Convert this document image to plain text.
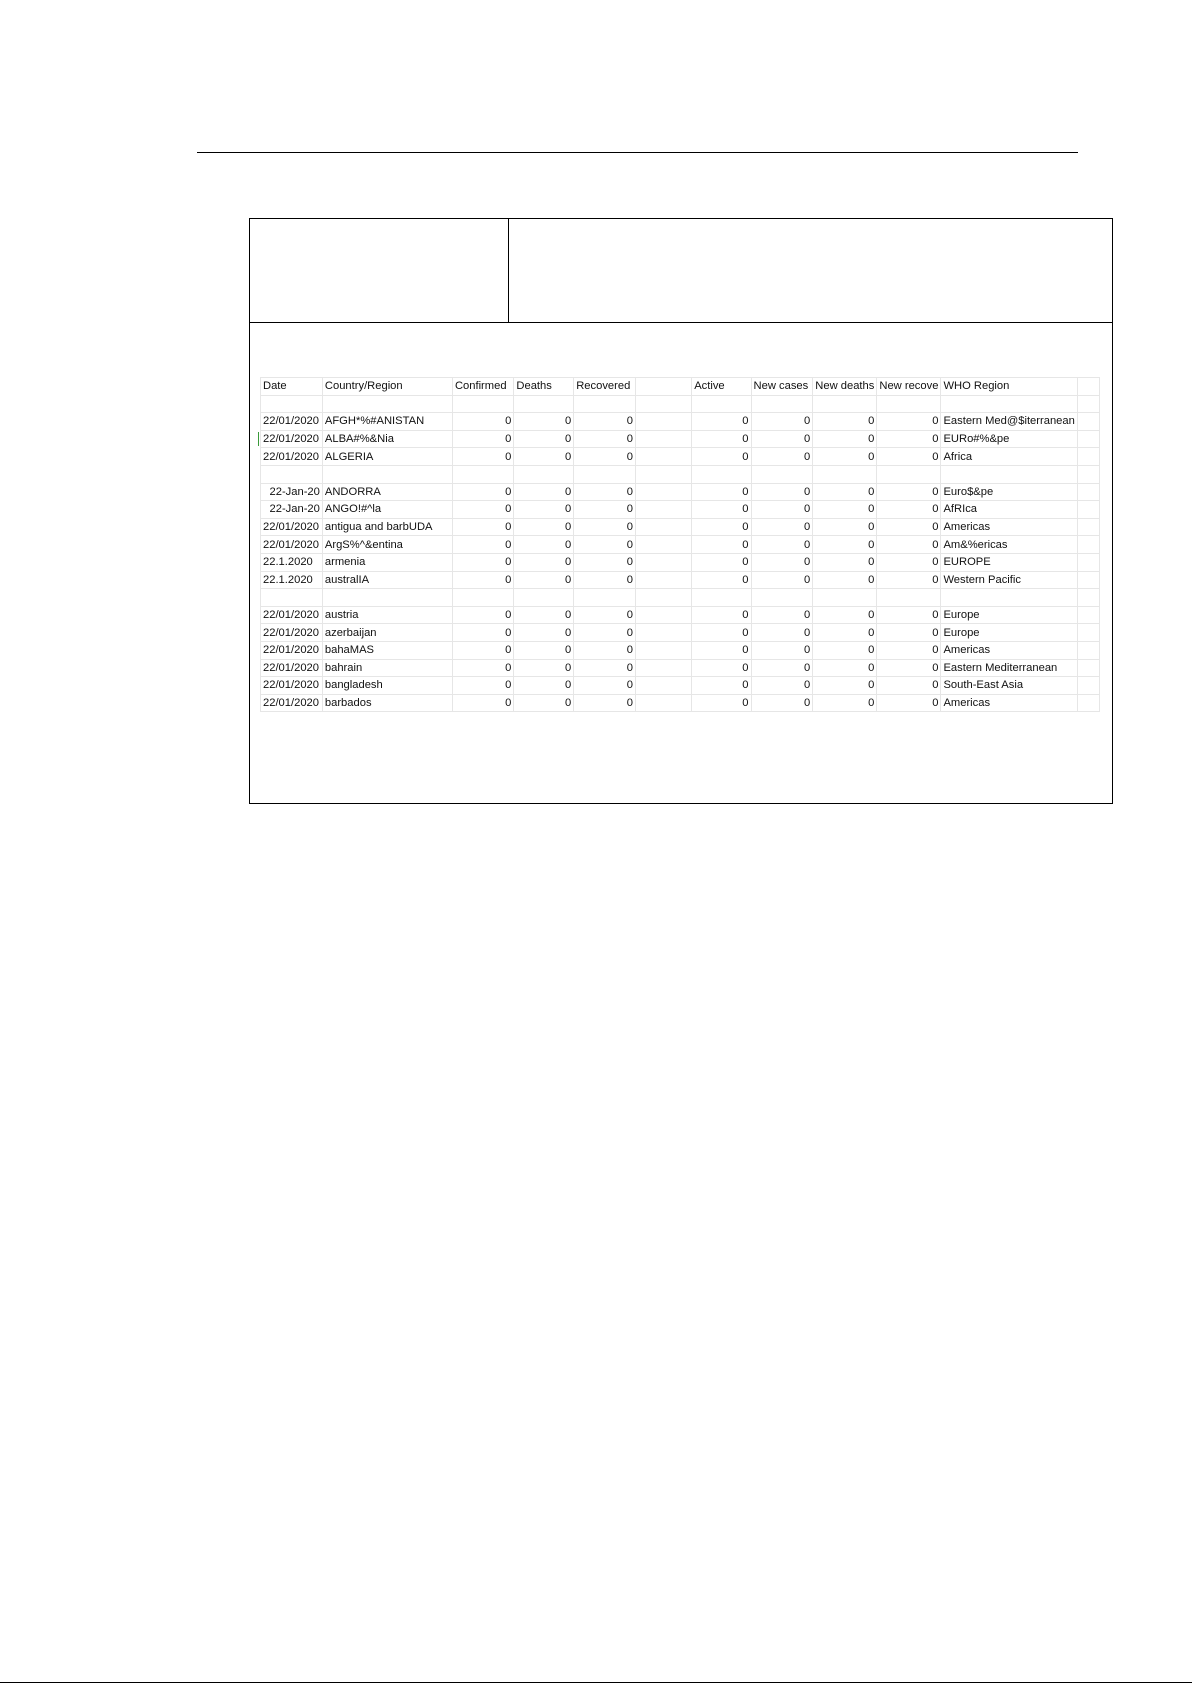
Date	Country/Region	Confirmed	Deaths	Recovered		Active	New cases	New deaths	New recove	WHO Region	

22/01/2020	AFGH*%#ANISTAN	0	0	0		0	0	0	0	Eastern Med@$iterranean	
22/01/2020	ALBA#%&Nia	0	0	0		0	0	0	0	EURo#%&pe	
22/01/2020	ALGERIA	0	0	0		0	0	0	0	Africa	

22-Jan-20	ANDORRA	0	0	0		0	0	0	0	Euro$&pe	
22-Jan-20	ANGO!#^la	0	0	0		0	0	0	0	AfRIca	
22/01/2020	antigua and barbUDA	0	0	0		0	0	0	0	Americas	
22/01/2020	ArgS%^&entina	0	0	0		0	0	0	0	Am&%ericas	
22.1.2020	armenia	0	0	0		0	0	0	0	EUROPE	
22.1.2020	australIA	0	0	0		0	0	0	0	Western Pacific	

22/01/2020	austria	0	0	0		0	0	0	0	Europe	
22/01/2020	azerbaijan	0	0	0		0	0	0	0	Europe	
22/01/2020	bahaMAS	0	0	0		0	0	0	0	Americas	
22/01/2020	bahrain	0	0	0		0	0	0	0	Eastern Mediterranean	
22/01/2020	bangladesh	0	0	0		0	0	0	0	South-East Asia	
22/01/2020	barbados	0	0	0		0	0	0	0	Americas	
